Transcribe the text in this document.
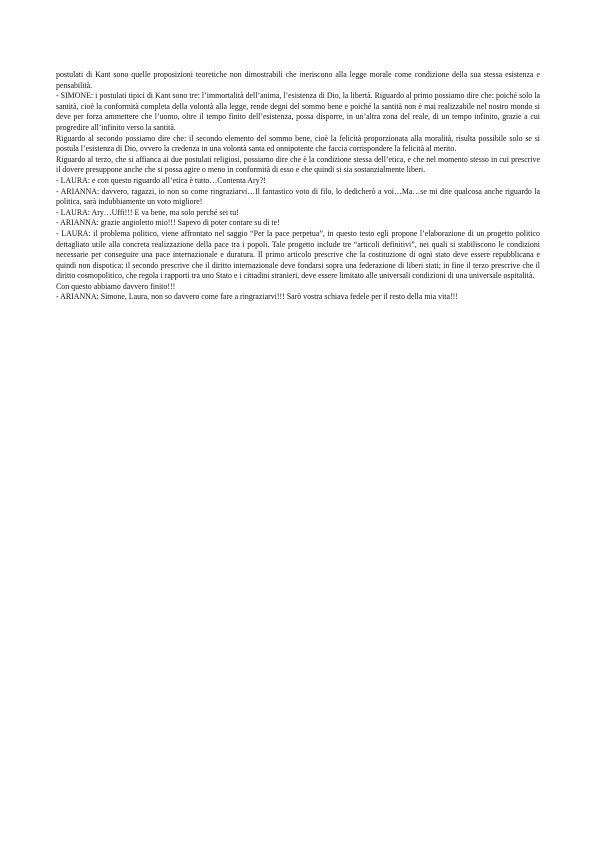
postulati di Kant sono quelle proposizioni teoretiche non dimostrabili che ineriscono alla legge morale come condizione della sua stessa esistenza e pensabilità.

- SIMONE: i postulati tipici di Kant sono tre: l’immortalità dell’anima, l’esistenza di Dio, la libertà. Riguardo al primo possiamo dire che: poiché solo la santità, cioè la conformità completa della volontà alla legge, rende degni del sommo bene e poiché la santità non è mai realizzabile nel nostro mondo si deve per forza ammettere che l’uomo, oltre il tempo finito dell’esistenza, possa disporre, in un’altra zona del reale, di un tempo infinito, grazie a cui progredire all’infinito verso la santità.

Riguardo al secondo possiamo dire che: il secondo elemento del sommo bene, cioè la felicità proporzionata alla moralità, risulta possibile solo se si postula l’esistenza di Dio, ovvero la credenza in una volontà santa ed onnipotente che faccia corrispondere la felicità al merito.

Riguardo al terzo, che si affianca ai due postulati religiosi, possiamo dire che è la condizione stessa dell’etica, e che nel momento stesso in cui prescrive il dovere presuppone anche che si possa agire o meno in conformità di esso e che quindi si sia sostanzialmente liberi.

- LAURA: e con questo riguardo all’etica è tutto…Contenta Ary?!

- ARIANNA: davvero, ragazzi, io non so come ringraziarvi…Il fantastico voto di filo, lo dedicherò a voi…Ma…se mi dite qualcosa anche riguardo la politica, sarà indubbiamente un voto migliore!

- LAURA: Ary…Uffi!!! E va bene, ma solo perché sei tu!

- ARIANNA: grazie angioletto mio!!! Sapevo di poter contare su di te!

- LAURA: il problema politico, viene affrontato nel saggio “Per la pace perpetua”, in questo testo egli propone l’elaborazione di un progetto politico dettagliato utile alla concreta realizzazione della pace tra i popoli. Tale progetto include tre “articoli definitivi”, nei quali si stabiliscono le condizioni necessarie per conseguire una pace internazionale e duratura. Il primo articolo prescrive che la costituzione di ogni stato deve essere repubblicana e quindi non dispotica; il secondo prescrive che il diritto internazionale deve fondarsi sopra una federazione di liberi stati; in fine il terzo prescrive che il diritto cosmopolitico, che regola i rapporti tra uno Stato e i cittadini stranieri, deve essere limitato alle universali condizioni di una universale ospitalità.

Con questo abbiamo davvero finito!!!

- ARIANNA: Simone, Laura, non so davvero come fare a ringraziarvi!!! Sarò vostra schiava fedele per il resto della mia vita!!!
